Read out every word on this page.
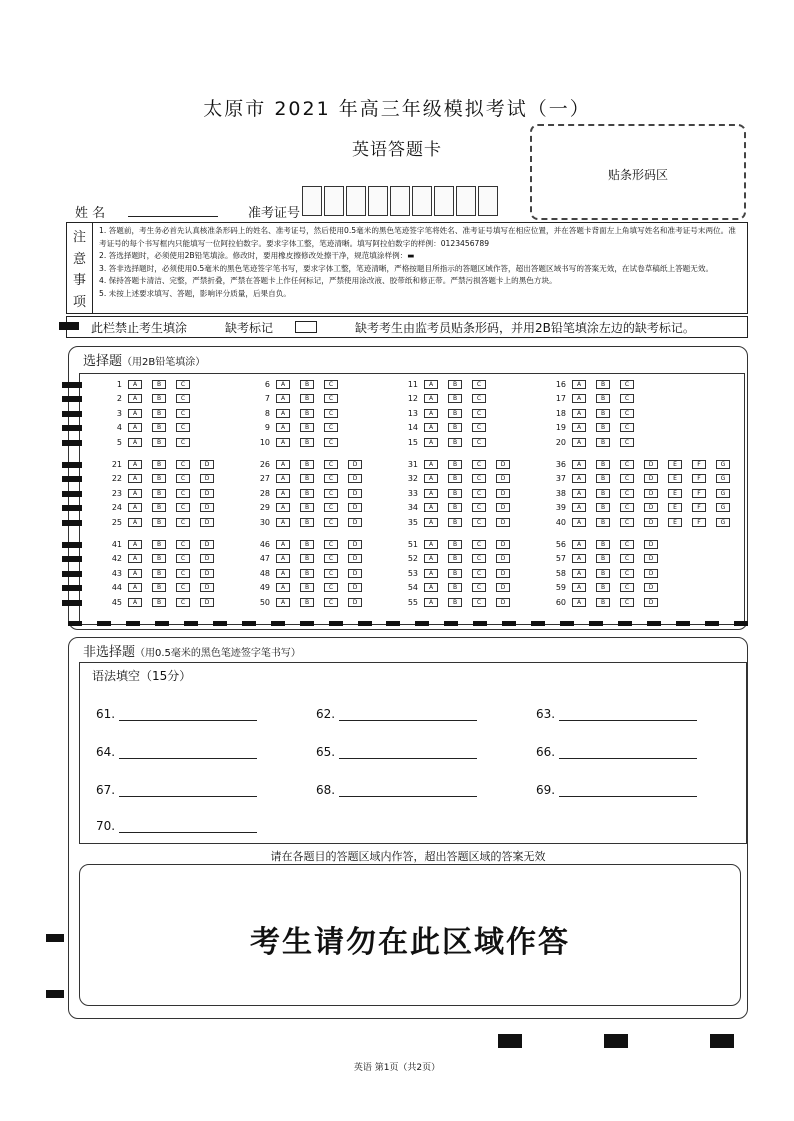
太原市 2021 年高三年级模拟考试（一）
英语答题卡
贴条形码区
姓 名	准考证号
注
意
事
项
1. 答题前，考生务必首先认真核准条形码上的姓名、准考证号，然后使用0.5毫米的黑色笔迹签字笔将姓名、准考证号填写在相应位置，并在答题卡背面左上角填写姓名和准考证号末两位。准考证号的每个书写框内只能填写一位阿拉伯数字。要求字体工整，笔迹清晰。填写阿拉伯数字的样例：0123456789
2. 答选择题时，必须使用2B铅笔填涂。修改时，要用橡皮擦修改处擦干净，规范填涂样例：▬
3. 答非选择题时，必须使用0.5毫米的黑色笔迹签字笔书写，要求字体工整，笔迹清晰，严格按题目所指示的答题区域作答，超出答题区域书写的答案无效，在试卷草稿纸上答题无效。
4. 保持答题卡清洁、完整，严禁折叠，严禁在答题卡上作任何标记，严禁使用涂改液、胶带纸和修正带。严禁污损答题卡上的黑色方块。
5. 未按上述要求填写、答题，影响评分质量，后果自负。
此栏禁止考生填涂	缺考标记	缺考考生由监考员贴条形码，并用2B铅笔填涂左边的缺考标记。
选择题（用2B铅笔填涂）
1	A	B	C
2	A	B	C
3	A	B	C
4	A	B	C
5	A	B	C
6	A	B	C
7	A	B	C
8	A	B	C
9	A	B	C
10	A	B	C
11	A	B	C
12	A	B	C
13	A	B	C
14	A	B	C
15	A	B	C
16	A	B	C
17	A	B	C
18	A	B	C
19	A	B	C
20	A	B	C
21	A	B	C	D
22	A	B	C	D
23	A	B	C	D
24	A	B	C	D
25	A	B	C	D
26	A	B	C	D
27	A	B	C	D
28	A	B	C	D
29	A	B	C	D
30	A	B	C	D
31	A	B	C	D
32	A	B	C	D
33	A	B	C	D
34	A	B	C	D
35	A	B	C	D
36	A	B	C	D	E	F	G
37	A	B	C	D	E	F	G
38	A	B	C	D	E	F	G
39	A	B	C	D	E	F	G
40	A	B	C	D	E	F	G
41	A	B	C	D
42	A	B	C	D
43	A	B	C	D
44	A	B	C	D
45	A	B	C	D
46	A	B	C	D
47	A	B	C	D
48	A	B	C	D
49	A	B	C	D
50	A	B	C	D
51	A	B	C	D
52	A	B	C	D
53	A	B	C	D
54	A	B	C	D
55	A	B	C	D
56	A	B	C	D
57	A	B	C	D
58	A	B	C	D
59	A	B	C	D
60	A	B	C	D
非选择题（用0.5毫米的黑色笔迹签字笔书写）
语法填空（15分）
61.	62.	63.
64.	65.	66.
67.	68.	69.
70.
请在各题目的答题区域内作答，超出答题区域的答案无效
考生请勿在此区域作答
英语 第1页（共2页）
